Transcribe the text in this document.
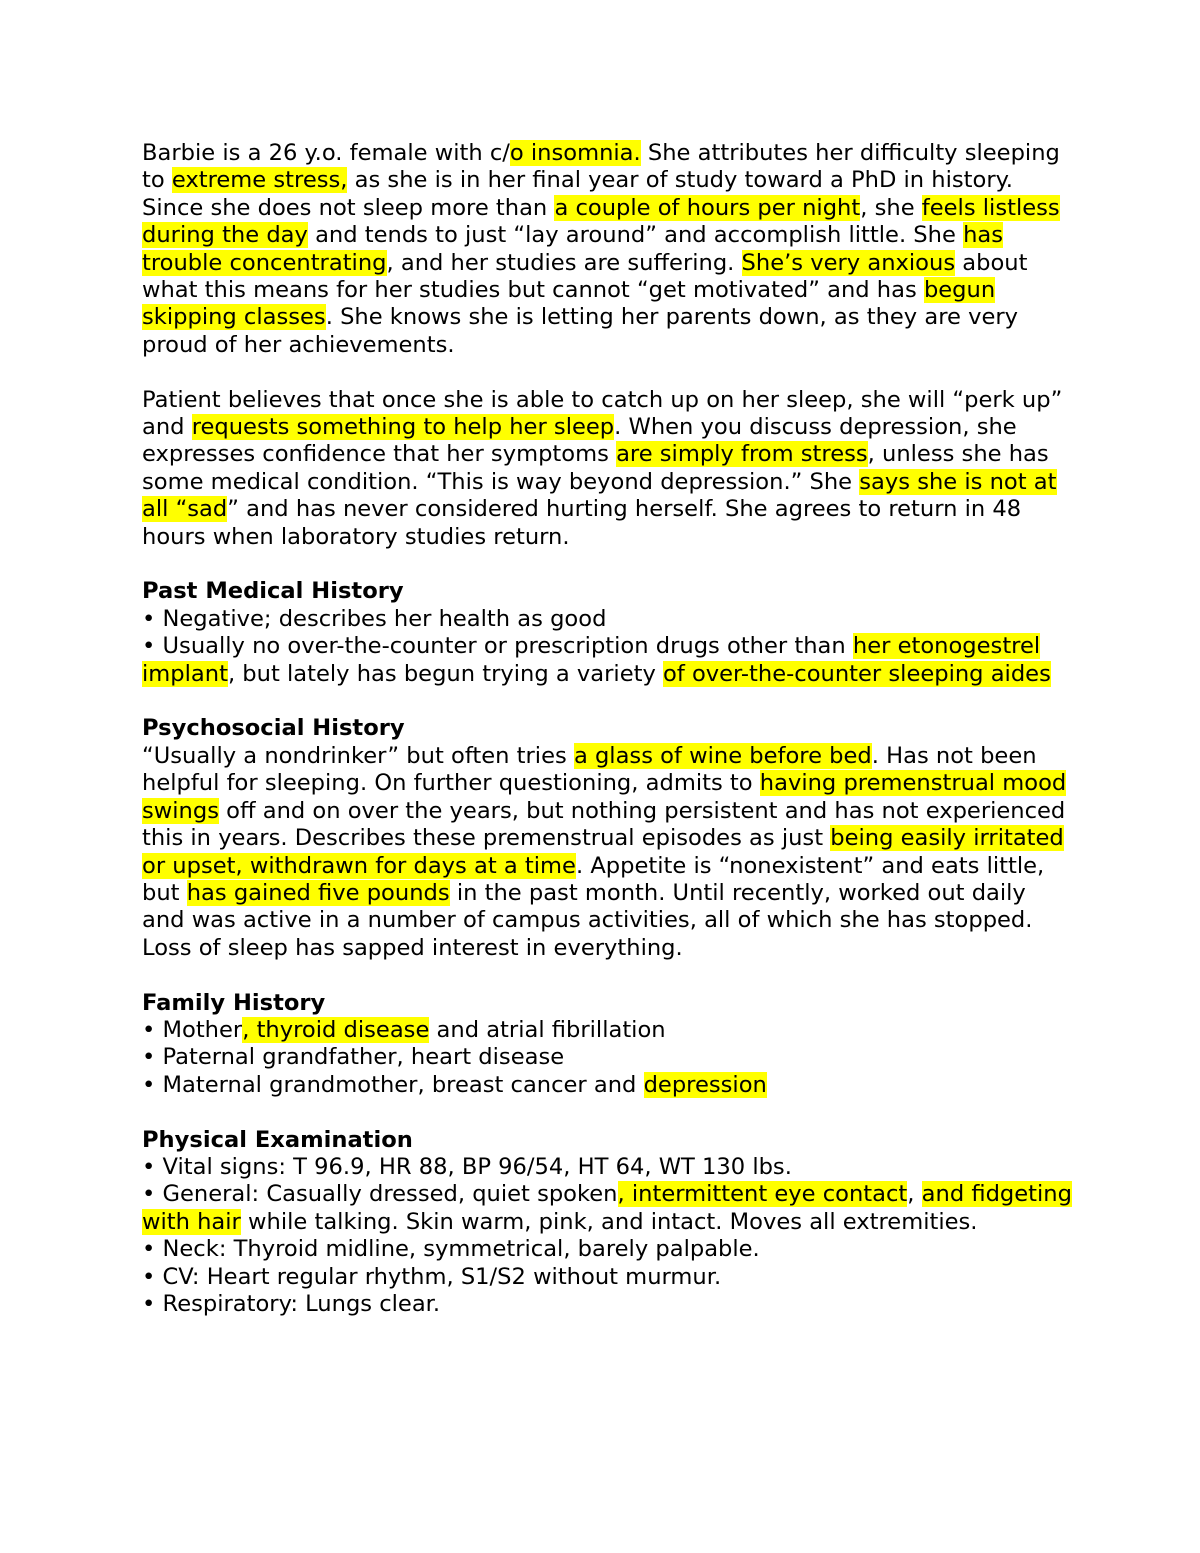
Barbie is a 26 y.o. female with c/o insomnia. She attributes her difficulty sleeping to extreme stress, as she is in her final year of study toward a PhD in history. Since she does not sleep more than a couple of hours per night, she feels listless during the day and tends to just “lay around” and accomplish little. She has trouble concentrating, and her studies are suffering. She’s very anxious about what this means for her studies but cannot “get motivated” and has begun skipping classes. She knows she is letting her parents down, as they are very proud of her achievements.

Patient believes that once she is able to catch up on her sleep, she will “perk up” and requests something to help her sleep. When you discuss depression, she expresses confidence that her symptoms are simply from stress, unless she has some medical condition. “This is way beyond depression.” She says she is not at all “sad” and has never considered hurting herself. She agrees to return in 48 hours when laboratory studies return.

Past Medical History

• Negative; describes her health as good

• Usually no over-the-counter or prescription drugs other than her etonogestrel implant, but lately has begun trying a variety of over-the-counter sleeping aides

Psychosocial History

“Usually a nondrinker” but often tries a glass of wine before bed. Has not been helpful for sleeping. On further questioning, admits to having premenstrual mood swings off and on over the years, but nothing persistent and has not experienced this in years. Describes these premenstrual episodes as just being easily irritated or upset, withdrawn for days at a time. Appetite is “nonexistent” and eats little, but has gained five pounds in the past month. Until recently, worked out daily and was active in a number of campus activities, all of which she has stopped. Loss of sleep has sapped interest in everything.

Family History

• Mother, thyroid disease and atrial fibrillation

• Paternal grandfather, heart disease

• Maternal grandmother, breast cancer and depression

Physical Examination

• Vital signs: T 96.9, HR 88, BP 96/54, HT 64, WT 130 lbs.

• General: Casually dressed, quiet spoken, intermittent eye contact, and fidgeting with hair while talking. Skin warm, pink, and intact. Moves all extremities.

• Neck: Thyroid midline, symmetrical, barely palpable.

• CV: Heart regular rhythm, S1/S2 without murmur.

• Respiratory: Lungs clear.
